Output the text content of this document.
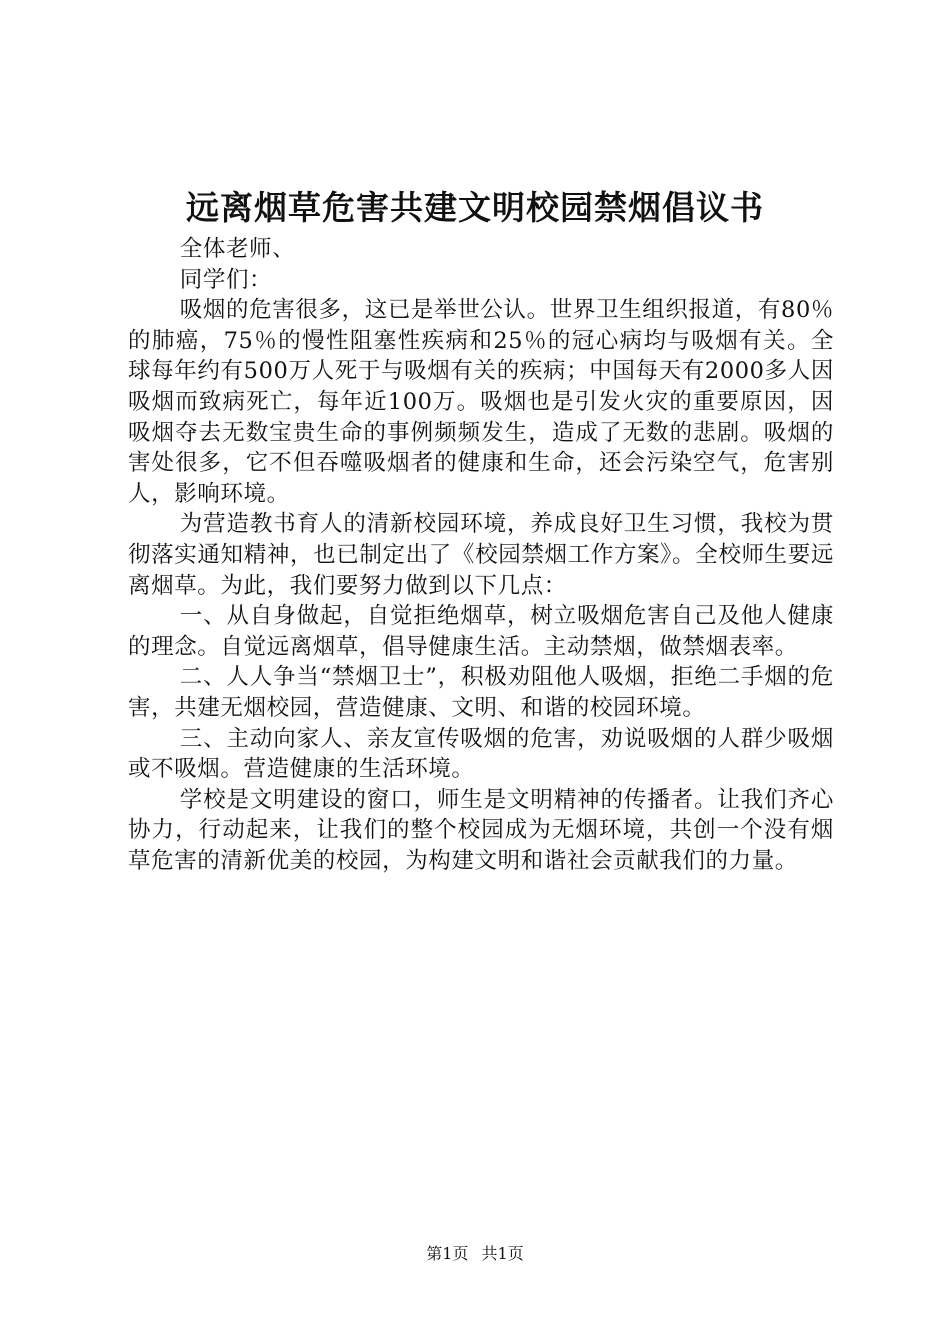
远离烟草危害共建文明校园禁烟倡议书

全体老师、

同学们：

吸烟的危害很多，这已是举世公认。世界卫生组织报道，有80％的肺癌，75％的慢性阻塞性疾病和25％的冠心病均与吸烟有关。全球每年约有500万人死于与吸烟有关的疾病；中国每天有2000多人因吸烟而致病死亡，每年近100万。吸烟也是引发火灾的重要原因，因吸烟夺去无数宝贵生命的事例频频发生，造成了无数的悲剧。吸烟的害处很多，它不但吞噬吸烟者的健康和生命，还会污染空气，危害别人，影响环境。

为营造教书育人的清新校园环境，养成良好卫生习惯，我校为贯彻落实通知精神，也已制定出了《校园禁烟工作方案》。全校师生要远离烟草。为此，我们要努力做到以下几点：

一、从自身做起，自觉拒绝烟草，树立吸烟危害自己及他人健康的理念。自觉远离烟草，倡导健康生活。主动禁烟，做禁烟表率。

二、人人争当“禁烟卫士”，积极劝阻他人吸烟，拒绝二手烟的危害，共建无烟校园，营造健康、文明、和谐的校园环境。

三、主动向家人、亲友宣传吸烟的危害，劝说吸烟的人群少吸烟或不吸烟。营造健康的生活环境。

学校是文明建设的窗口，师生是文明精神的传播者。让我们齐心协力，行动起来，让我们的整个校园成为无烟环境，共创一个没有烟草危害的清新优美的校园，为构建文明和谐社会贡献我们的力量。

第1页 共1页
